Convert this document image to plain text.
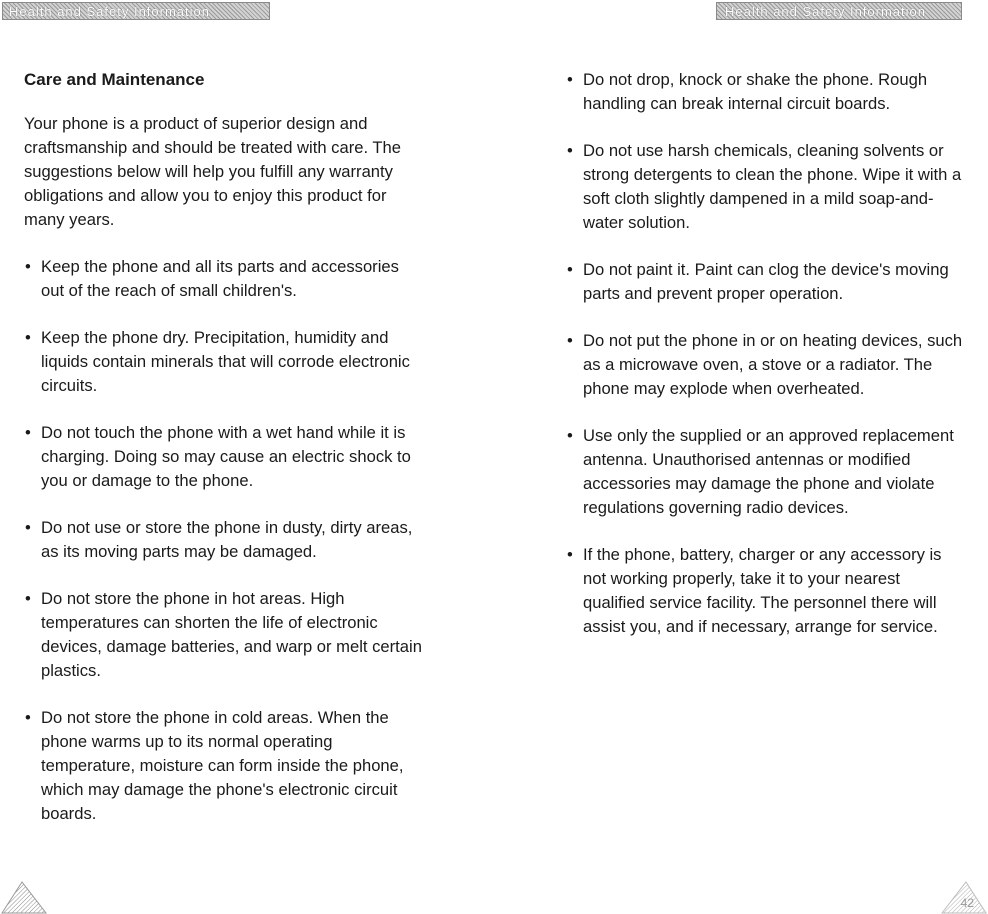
Health and Safety Information	Health and Safety Information
Care and Maintenance
Your phone is a product of superior design and craftsmanship and should be treated with care. The suggestions below will help you fulfill any warranty obligations and allow you to enjoy this product for many years.
• Keep the phone and all its parts and accessories out of the reach of small children's.
• Keep the phone dry. Precipitation, humidity and liquids contain minerals that will corrode electronic circuits.
• Do not touch the phone with a wet hand while it is charging. Doing so may cause an electric shock to you or damage to the phone.
• Do not use or store the phone in dusty, dirty areas, as its moving parts may be damaged.
• Do not store the phone in hot areas. High temperatures can shorten the life of electronic devices, damage batteries, and warp or melt certain plastics.
• Do not store the phone in cold areas. When the phone warms up to its normal operating temperature, moisture can form inside the phone, which may damage the phone's electronic circuit boards.
• Do not drop, knock or shake the phone. Rough handling can break internal circuit boards.
• Do not use harsh chemicals, cleaning solvents or strong detergents to clean the phone. Wipe it with a soft cloth slightly dampened in a mild soap-and-water solution.
• Do not paint it. Paint can clog the device's moving parts and prevent proper operation.
• Do not put the phone in or on heating devices, such as a microwave oven, a stove or a radiator. The phone may explode when overheated.
• Use only the supplied or an approved replacement antenna. Unauthorised antennas or modified accessories may damage the phone and violate regulations governing radio devices.
• If the phone, battery, charger or any accessory is not working properly, take it to your nearest qualified service facility. The personnel there will assist you, and if necessary, arrange for service.
42
